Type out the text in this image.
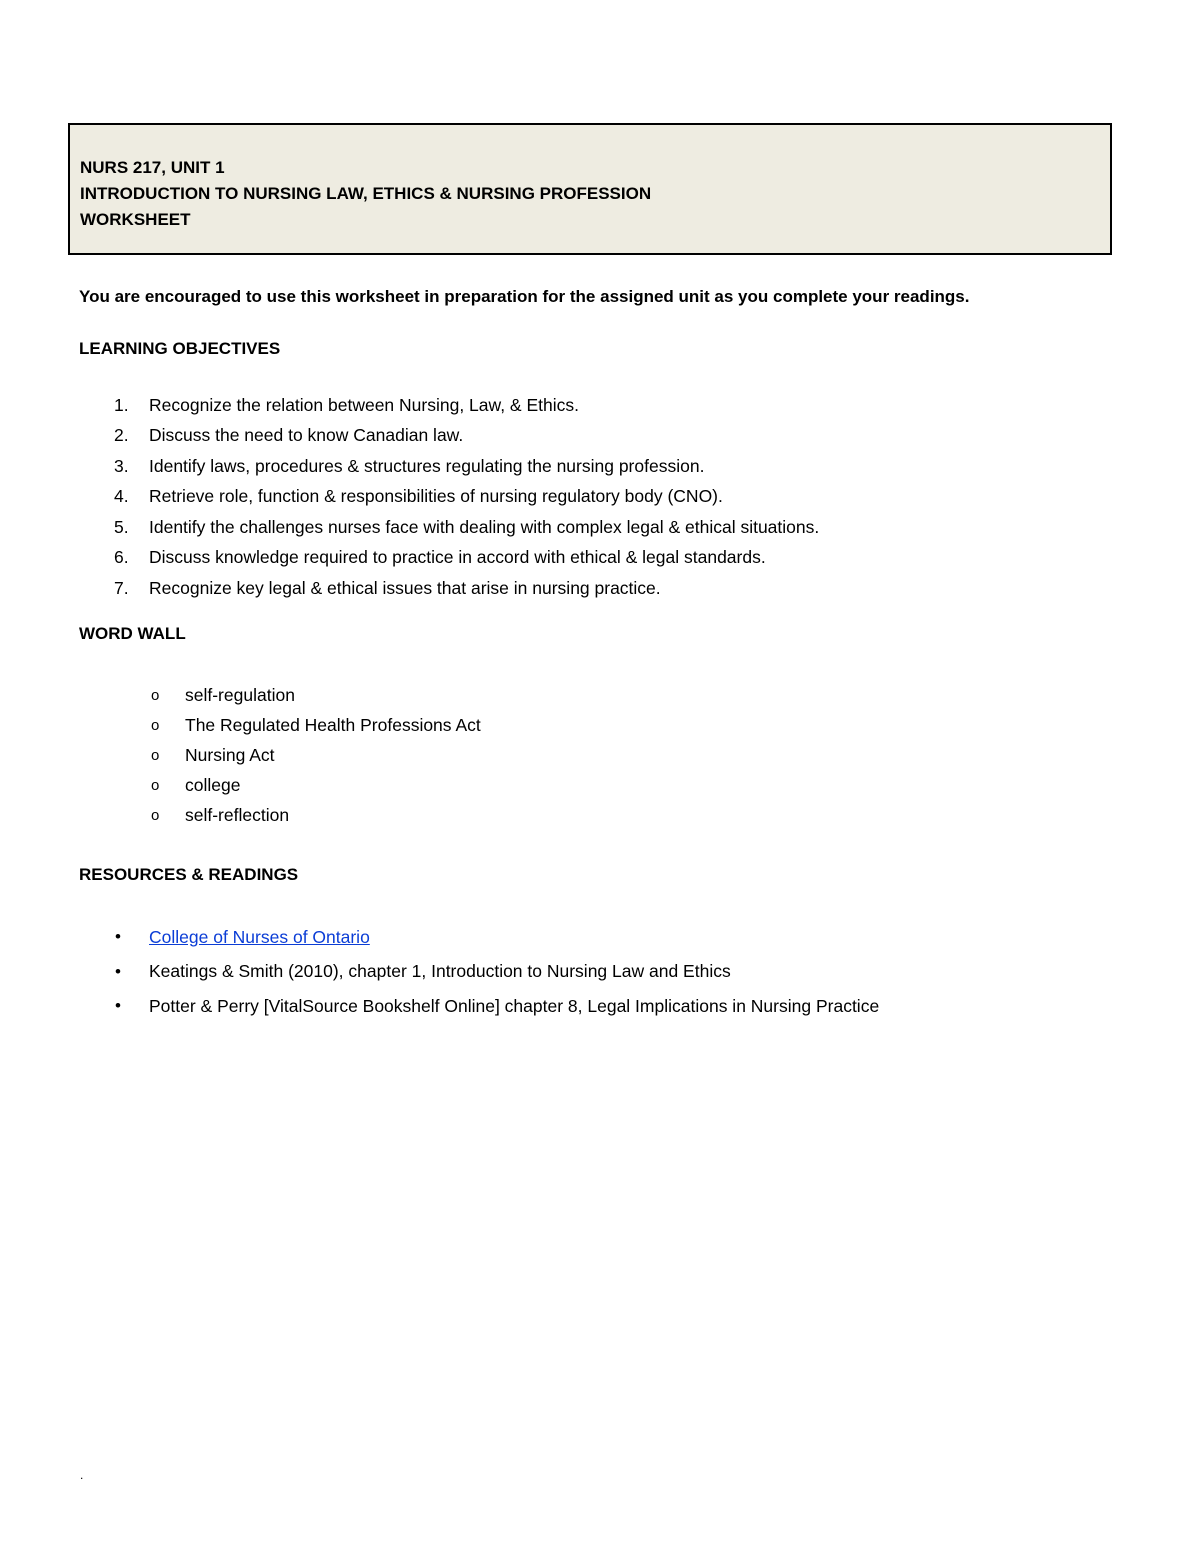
NURS 217, UNIT 1
INTRODUCTION TO NURSING LAW, ETHICS & NURSING PROFESSION
WORKSHEET
You are encouraged to use this worksheet in preparation for the assigned unit as you complete your readings.
LEARNING OBJECTIVES
1.	Recognize the relation between Nursing, Law, & Ethics.
2.	Discuss the need to know Canadian law.
3.	Identify laws, procedures & structures regulating the nursing profession.
4.	Retrieve role, function & responsibilities of nursing regulatory body (CNO).
5.	Identify the challenges nurses face with dealing with complex legal & ethical situations.
6.	Discuss knowledge required to practice in accord with ethical & legal standards.
7.	Recognize key legal & ethical issues that arise in nursing practice.
WORD WALL
o	self-regulation
o	The Regulated Health Professions Act
o	Nursing Act
o	college
o	self-reflection
RESOURCES & READINGS
•	College of Nurses of Ontario
•	Keatings & Smith (2010), chapter 1, Introduction to Nursing Law and Ethics
•	Potter & Perry [VitalSource Bookshelf Online] chapter 8, Legal Implications in Nursing Practice
.
